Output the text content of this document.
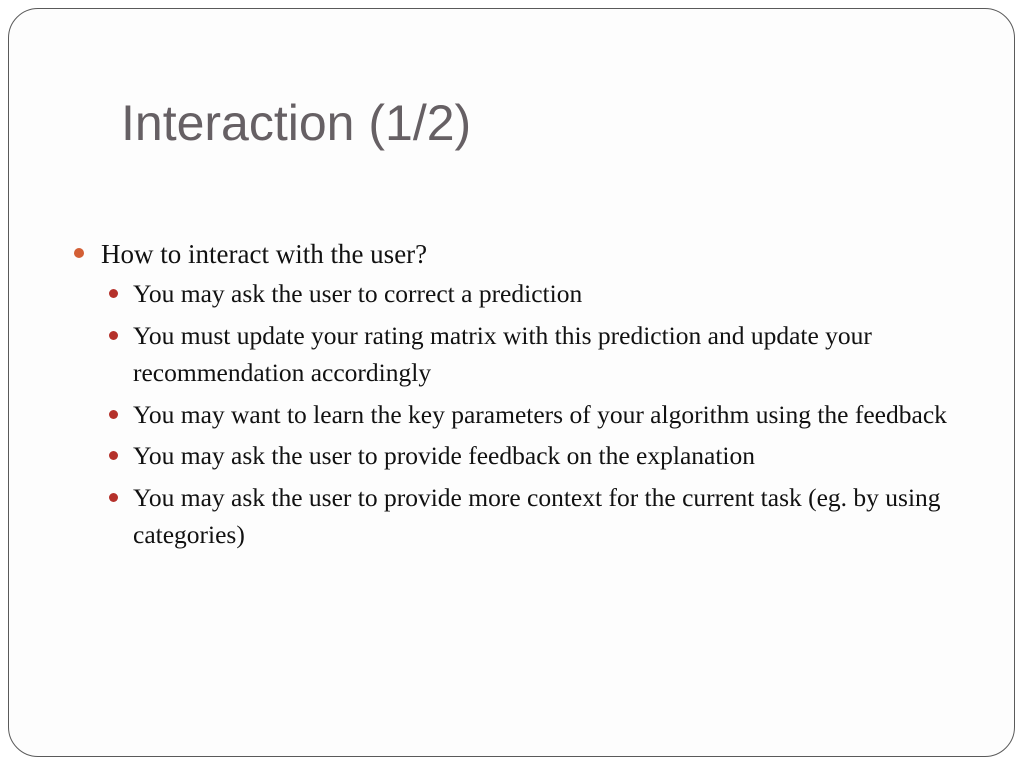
Interaction (1/2)
How to interact with the user?
You may ask the user to correct a prediction
You must update your rating matrix with this prediction and update your recommendation accordingly
You may want to learn the key parameters of your algorithm using the feedback
You may ask the user to provide feedback on the explanation
You may ask the user to provide more context for the current task (eg. by using categories)
